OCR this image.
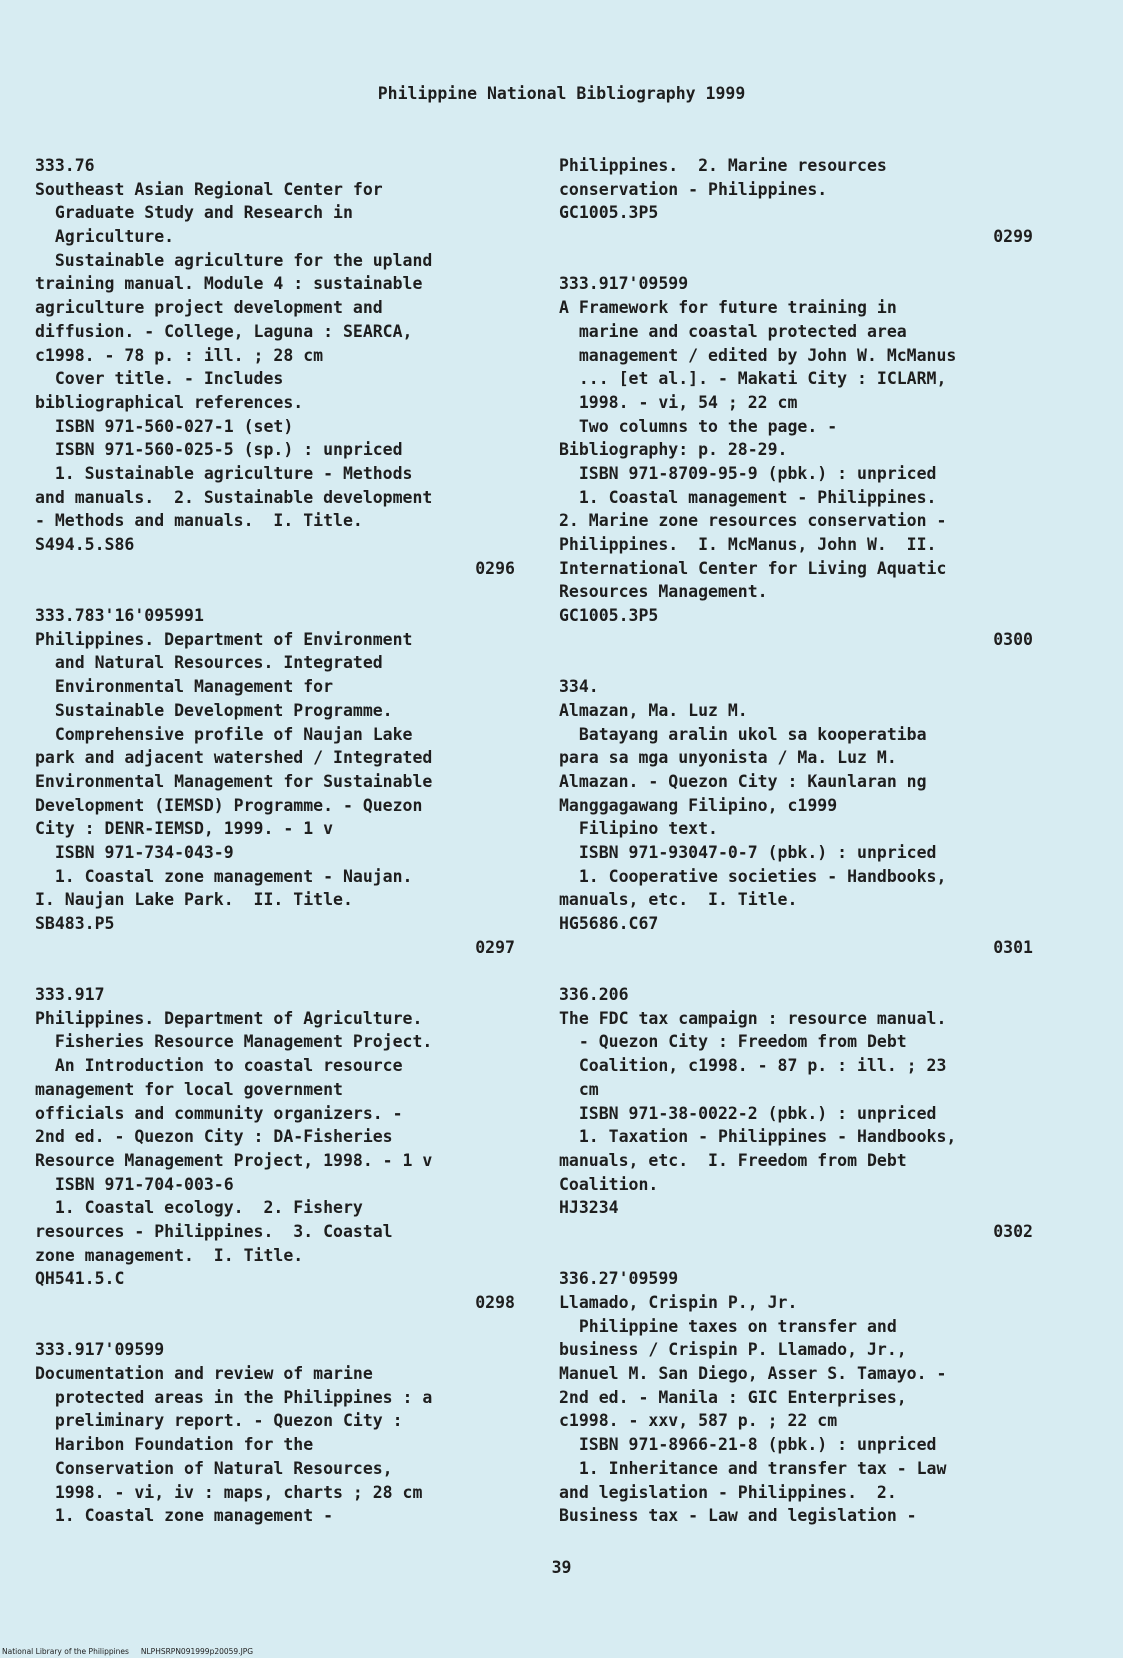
Philippine National Bibliography 1999
333.76
Southeast Asian Regional Center for
Graduate Study and Research in
Agriculture.
Sustainable agriculture for the upland
training manual. Module 4 : sustainable
agriculture project development and
diffusion. - College, Laguna : SEARCA,
c1998. - 78 p. : ill. ; 28 cm
Cover title. - Includes
bibliographical references.
ISBN 971-560-027-1 (set)
ISBN 971-560-025-5 (sp.) : unpriced
1. Sustainable agriculture - Methods
and manuals.  2. Sustainable development
- Methods and manuals.  I. Title.
S494.5.S86
0296
333.783'16'095991
Philippines. Department of Environment
and Natural Resources. Integrated
Environmental Management for
Sustainable Development Programme.
Comprehensive profile of Naujan Lake
park and adjacent watershed / Integrated
Environmental Management for Sustainable
Development (IEMSD) Programme. - Quezon
City : DENR-IEMSD, 1999. - 1 v
ISBN 971-734-043-9
1. Coastal zone management - Naujan.
I. Naujan Lake Park.  II. Title.
SB483.P5
0297
333.917
Philippines. Department of Agriculture.
Fisheries Resource Management Project.
An Introduction to coastal resource
management for local government
officials and community organizers. -
2nd ed. - Quezon City : DA-Fisheries
Resource Management Project, 1998. - 1 v
ISBN 971-704-003-6
1. Coastal ecology.  2. Fishery
resources - Philippines.  3. Coastal
zone management.  I. Title.
QH541.5.C
0298
333.917'09599
Documentation and review of marine
protected areas in the Philippines : a
preliminary report. - Quezon City :
Haribon Foundation for the
Conservation of Natural Resources,
1998. - vi, iv : maps, charts ; 28 cm
1. Coastal zone management -
Philippines.  2. Marine resources
conservation - Philippines.
GC1005.3P5
0299
333.917'09599
A Framework for future training in
marine and coastal protected area
management / edited by John W. McManus
... [et al.]. - Makati City : ICLARM,
1998. - vi, 54 ; 22 cm
Two columns to the page. -
Bibliography: p. 28-29.
ISBN 971-8709-95-9 (pbk.) : unpriced
1. Coastal management - Philippines.
2. Marine zone resources conservation -
Philippines.  I. McManus, John W.  II.
International Center for Living Aquatic
Resources Management.
GC1005.3P5
0300
334.
Almazan, Ma. Luz M.
Batayang aralin ukol sa kooperatiba
para sa mga unyonista / Ma. Luz M.
Almazan. - Quezon City : Kaunlaran ng
Manggagawang Filipino, c1999
Filipino text.
ISBN 971-93047-0-7 (pbk.) : unpriced
1. Cooperative societies - Handbooks,
manuals, etc.  I. Title.
HG5686.C67
0301
336.206
The FDC tax campaign : resource manual.
- Quezon City : Freedom from Debt
Coalition, c1998. - 87 p. : ill. ; 23
cm
ISBN 971-38-0022-2 (pbk.) : unpriced
1. Taxation - Philippines - Handbooks,
manuals, etc.  I. Freedom from Debt
Coalition.
HJ3234
0302
336.27'09599
Llamado, Crispin P., Jr.
Philippine taxes on transfer and
business / Crispin P. Llamado, Jr.,
Manuel M. San Diego, Asser S. Tamayo. -
2nd ed. - Manila : GIC Enterprises,
c1998. - xxv, 587 p. ; 22 cm
ISBN 971-8966-21-8 (pbk.) : unpriced
1. Inheritance and transfer tax - Law
and legislation - Philippines.  2.
Business tax - Law and legislation -
39
National Library of the Philippines     NLPHSRPN091999p20059.JPG
